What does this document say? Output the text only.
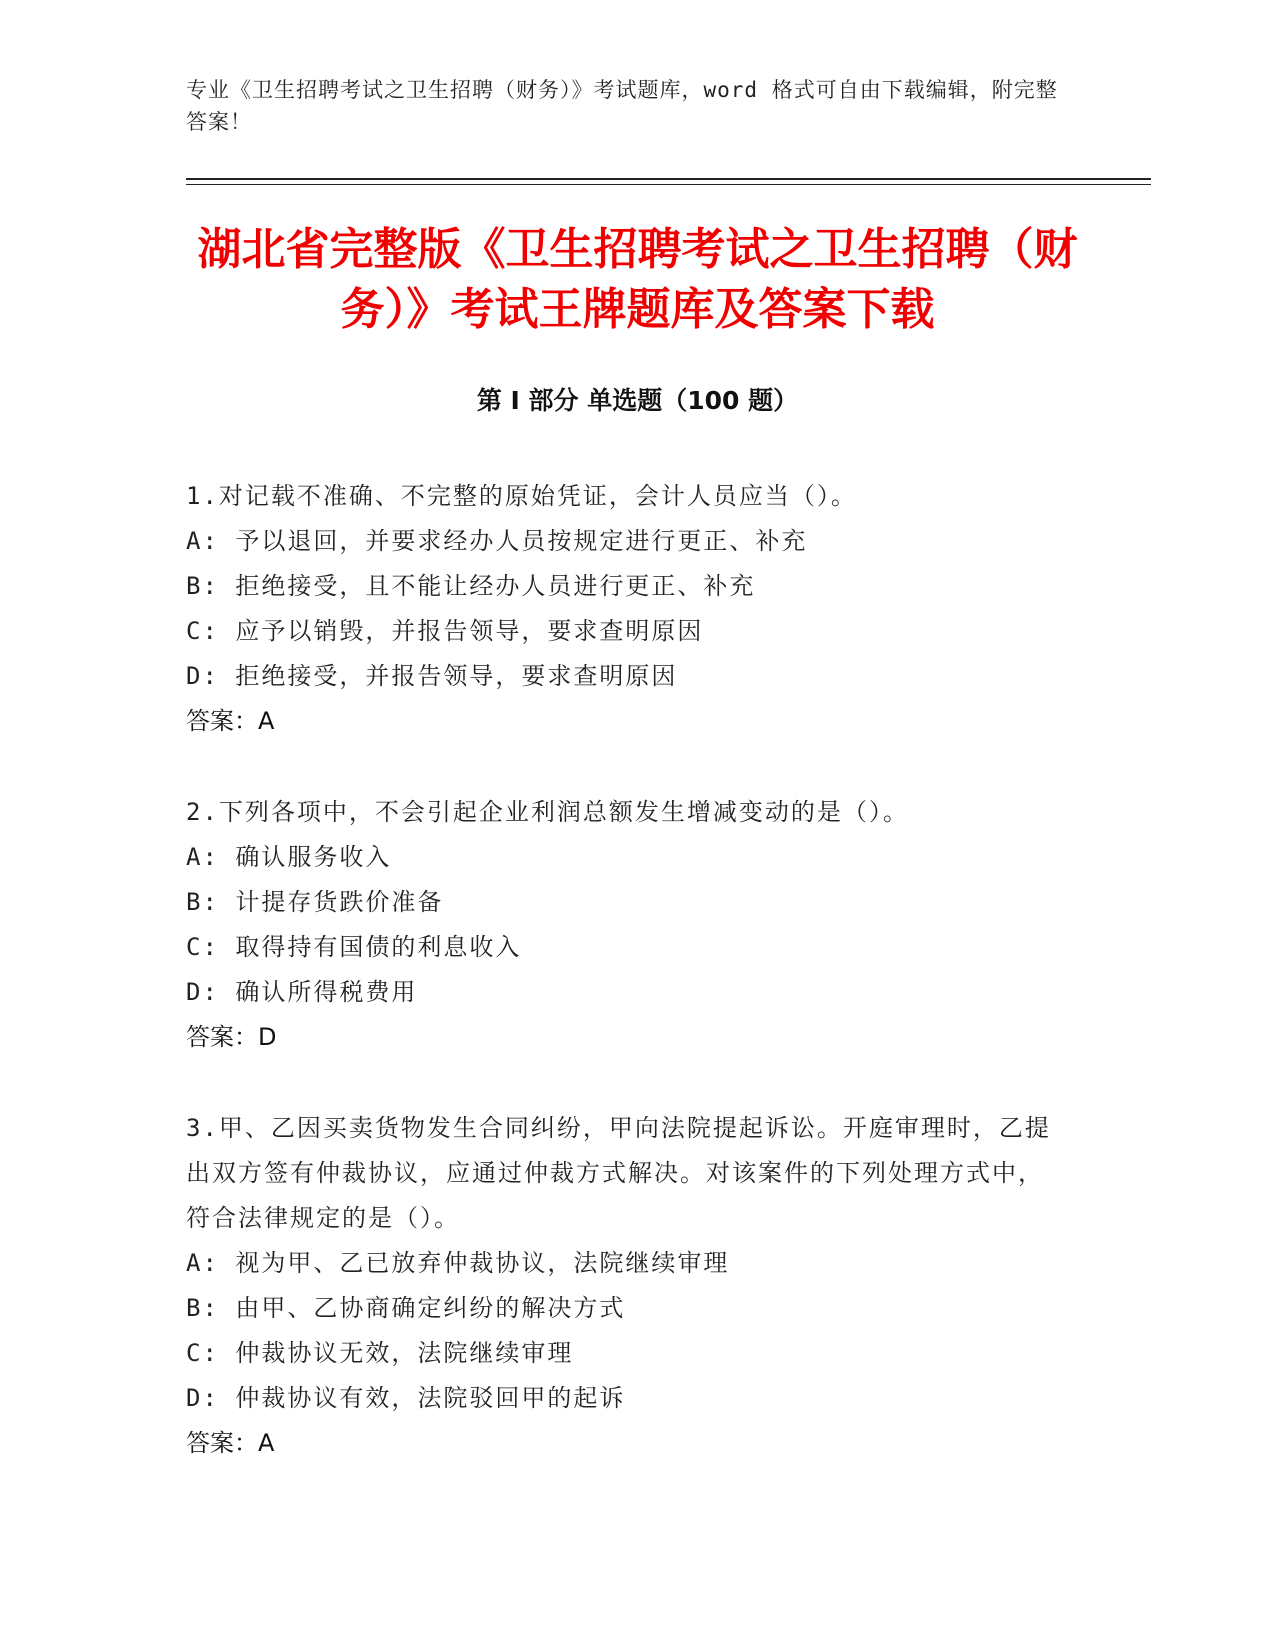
专业《卫生招聘考试之卫生招聘（财务）》考试题库，word 格式可自由下载编辑，附完整答案！
湖北省完整版《卫生招聘考试之卫生招聘（财务）》考试王牌题库及答案下载
第 I 部分 单选题（100 题）
1.对记载不准确、不完整的原始凭证，会计人员应当（）。
A: 予以退回，并要求经办人员按规定进行更正、补充
B: 拒绝接受，且不能让经办人员进行更正、补充
C: 应予以销毁，并报告领导，要求查明原因
D: 拒绝接受，并报告领导，要求查明原因
答案：A
2.下列各项中，不会引起企业利润总额发生增减变动的是（）。
A: 确认服务收入
B: 计提存货跌价准备
C: 取得持有国债的利息收入
D: 确认所得税费用
答案：D
3.甲、乙因买卖货物发生合同纠纷，甲向法院提起诉讼。开庭审理时，乙提出双方签有仲裁协议，应通过仲裁方式解决。对该案件的下列处理方式中，符合法律规定的是（）。
A: 视为甲、乙已放弃仲裁协议，法院继续审理
B: 由甲、乙协商确定纠纷的解决方式
C: 仲裁协议无效，法院继续审理
D: 仲裁协议有效，法院驳回甲的起诉
答案：A
